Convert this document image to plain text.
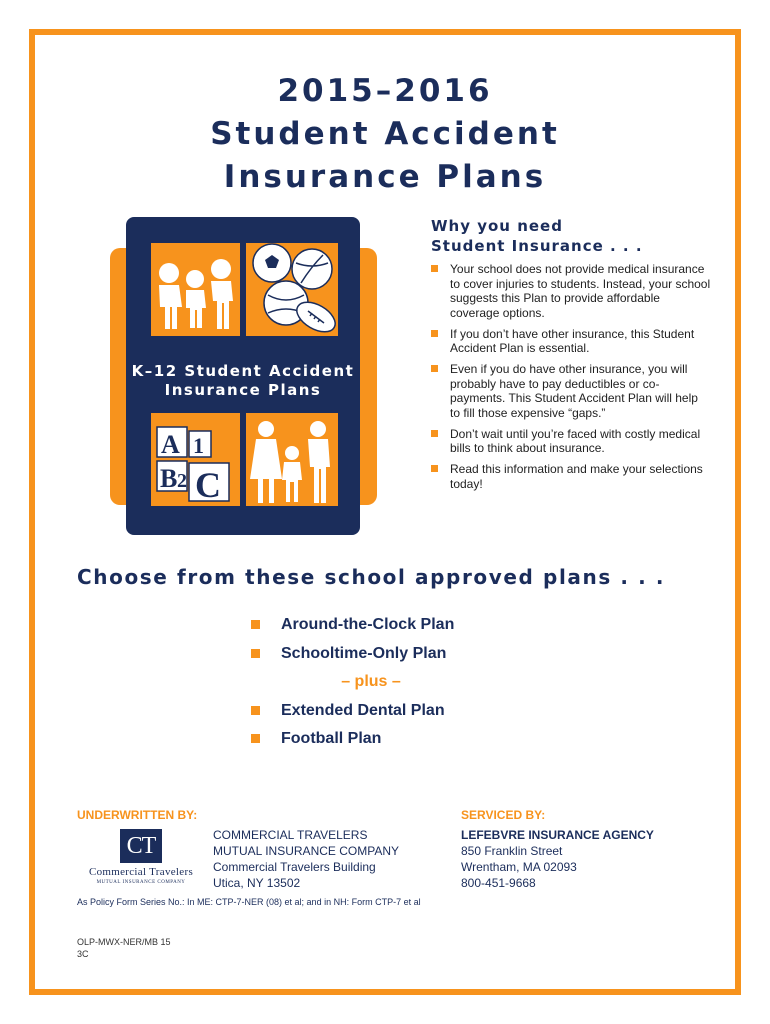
2015–2016
Student Accident
Insurance Plans
K–12 Student Accident
Insurance Plans
A 1
B 2 C
Why you need
Student Insurance . . .
Your school does not provide medical insurance to cover injuries to students. Instead, your school suggests this Plan to provide affordable coverage options.
If you don’t have other insurance, this Student Accident Plan is essential.
Even if you do have other insurance, you will probably have to pay deductibles or co-payments. This Student Accident Plan will help to fill those expensive “gaps.”
Don’t wait until you’re faced with costly medical bills to think about insurance.
Read this information and make your selections today!
Choose from these school approved plans . . .
Around-the-Clock Plan
Schooltime-Only Plan
– plus –
Extended Dental Plan
Football Plan
UNDERWRITTEN BY:	SERVICED BY:
CT
Commercial Travelers
MUTUAL INSURANCE COMPANY
COMMERCIAL TRAVELERS
MUTUAL INSURANCE COMPANY
Commercial Travelers Building
Utica, NY 13502
LEFEBVRE INSURANCE AGENCY
850 Franklin Street
Wrentham, MA 02093
800-451-9668
As Policy Form Series No.: In ME: CTP-7-NER (08) et al; and in NH: Form CTP-7 et al
OLP-MWX-NER/MB 15
3C
